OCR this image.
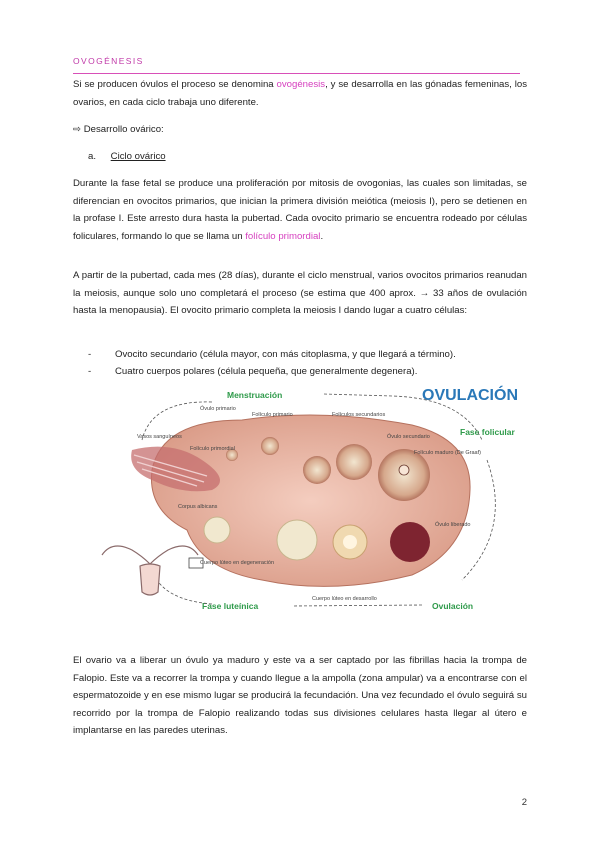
OVOGÉNESIS

Si se producen óvulos el proceso se denomina ovogénesis, y se desarrolla en las gónadas femeninas, los ovarios, en cada ciclo trabaja uno diferente.

⇨ Desarrollo ovárico:
a. Ciclo ovárico

Durante la fase fetal se produce una proliferación por mitosis de ovogonias, las cuales son limitadas, se diferencian en ovocitos primarios, que inician la primera división meiótica (meiosis I), pero se detienen en la profase I. Este arresto dura hasta la pubertad. Cada ovocito primario se encuentra rodeado por células foliculares, formando lo que se llama un folículo primordial.

A partir de la pubertad, cada mes (28 días), durante el ciclo menstrual, varios ovocitos primarios reanudan la meiosis, aunque solo uno completará el proceso (se estima que 400 aprox. → 33 años de ovulación hasta la menopausia). El ovocito primario completa la meiosis I dando lugar a cuatro células:

-	Ovocito secundario (célula mayor, con más citoplasma, y que llegará a término).
-	Cuatro cuerpos polares (célula pequeña, que generalmente degenera).
OVULACIÓN
Menstruación
Fase folicular
Fase luteínica	Ovulación
Óvulo primario
Folículo primario	Folículos secundarios
Vasos sanguíneos
Folículo primordial
Óvulo secundario
Folículo maduro (De Graaf)
Corpus albicans
Óvulo liberado
Cuerpo lúteo en degeneración
Cuerpo lúteo en desarrollo

El ovario va a liberar un óvulo ya maduro y este va a ser captado por las fibrillas hacia la trompa de Falopio. Este va a recorrer la trompa y cuando llegue a la ampolla (zona ampular) va a encontrarse con el espermatozoide y en ese mismo lugar se producirá la fecundación. Una vez fecundado el óvulo seguirá su recorrido por la trompa de Falopio realizando todas sus divisiones celulares hasta llegar al útero e implantarse en las paredes uterinas.

2
